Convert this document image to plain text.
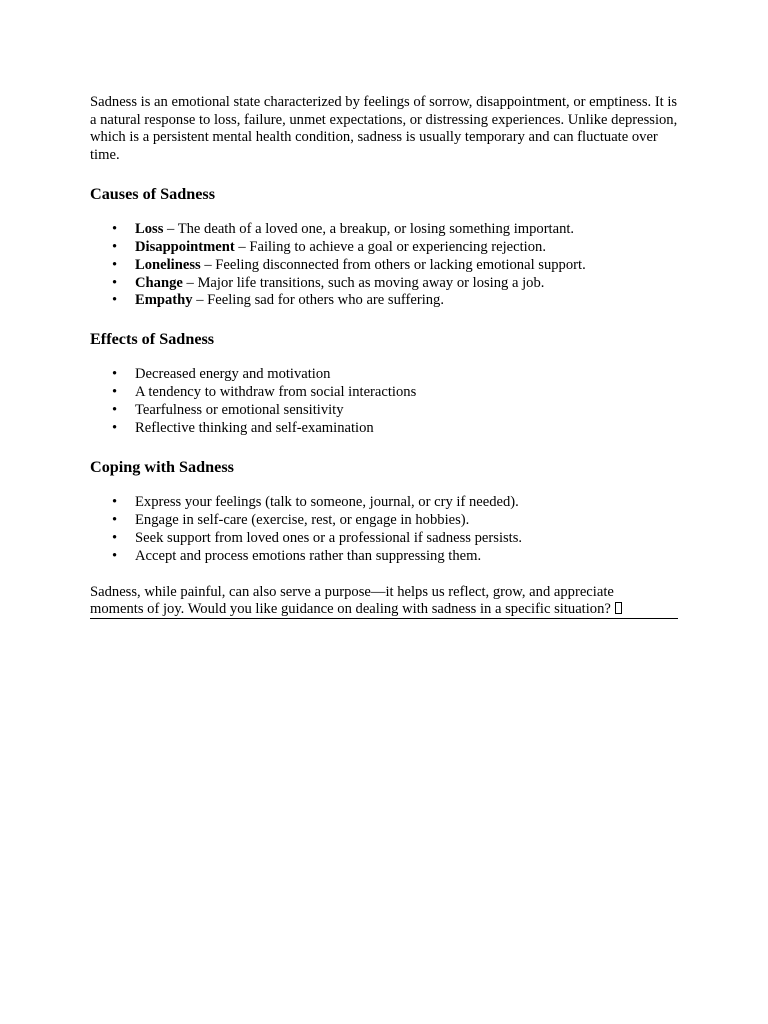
Sadness is an emotional state characterized by feelings of sorrow, disappointment, or emptiness. It is a natural response to loss, failure, unmet expectations, or distressing experiences. Unlike depression, which is a persistent mental health condition, sadness is usually temporary and can fluctuate over time.

Causes of Sadness
• Loss – The death of a loved one, a breakup, or losing something important.
• Disappointment – Failing to achieve a goal or experiencing rejection.
• Loneliness – Feeling disconnected from others or lacking emotional support.
• Change – Major life transitions, such as moving away or losing a job.
• Empathy – Feeling sad for others who are suffering.
Effects of Sadness
• Decreased energy and motivation
• A tendency to withdraw from social interactions
• Tearfulness or emotional sensitivity
• Reflective thinking and self-examination
Coping with Sadness
• Express your feelings (talk to someone, journal, or cry if needed).
• Engage in self-care (exercise, rest, or engage in hobbies).
• Seek support from loved ones or a professional if sadness persists.
• Accept and process emotions rather than suppressing them.
Sadness, while painful, can also serve a purpose—it helps us reflect, grow, and appreciate
moments of joy. Would you like guidance on dealing with sadness in a specific situation?
